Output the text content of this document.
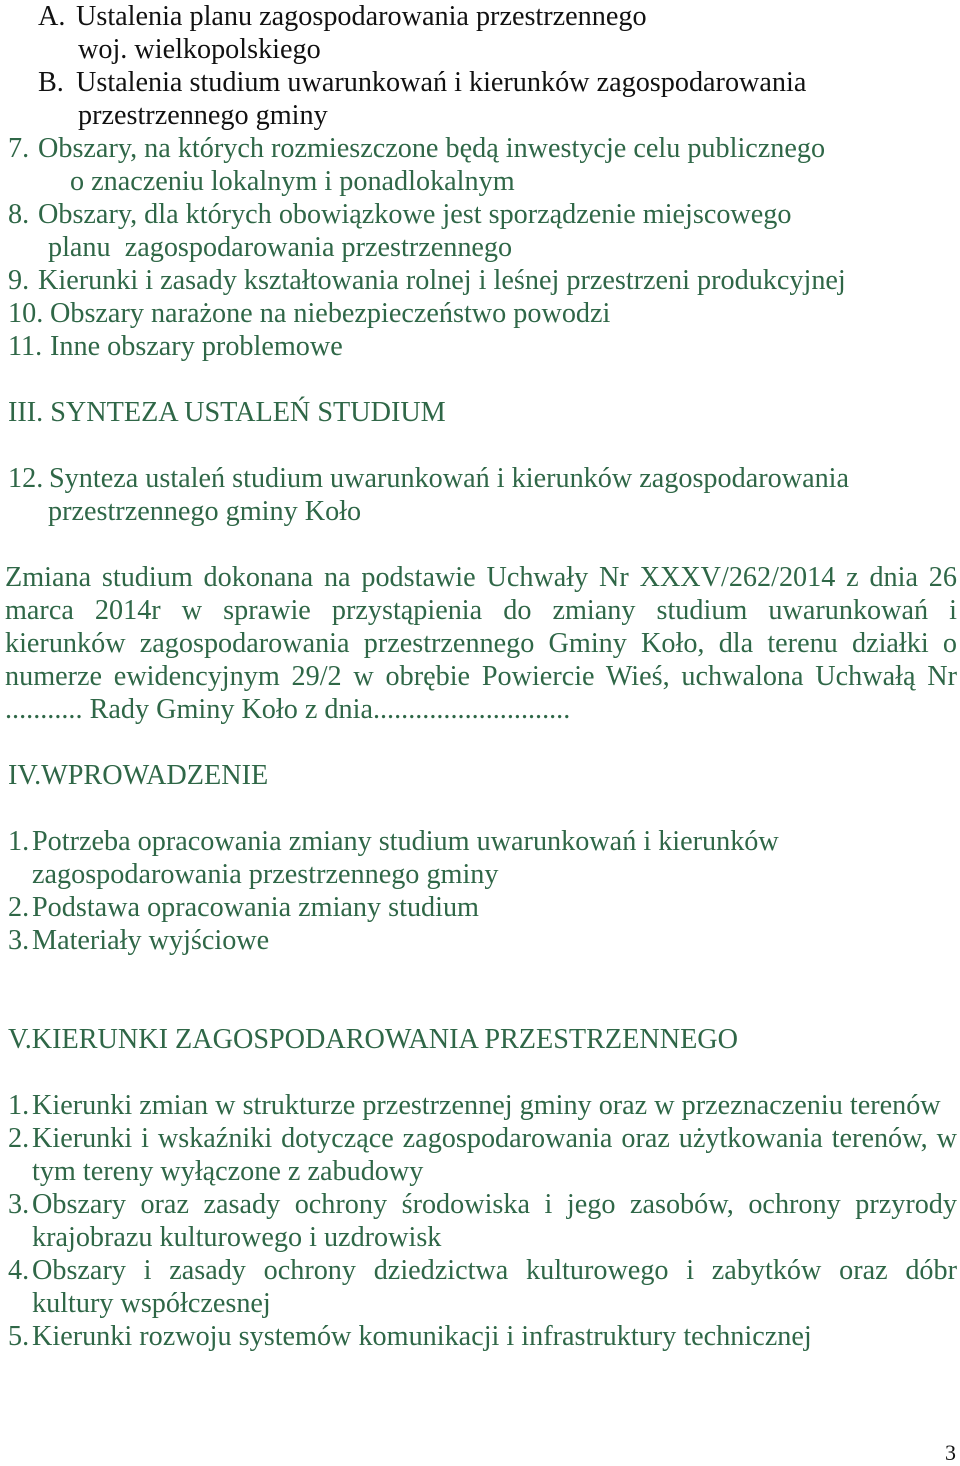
A. Ustalenia planu zagospodarowania przestrzennego
woj. wielkopolskiego
B. Ustalenia studium uwarunkowań i kierunków zagospodarowania
przestrzennego gminy
7. Obszary, na których rozmieszczone będą inwestycje celu publicznego
o znaczeniu lokalnym i ponadlokalnym
8. Obszary, dla których obowiązkowe jest sporządzenie miejscowego
planu  zagospodarowania przestrzennego
9. Kierunki i zasady kształtowania rolnej i leśnej przestrzeni produkcyjnej
10. Obszary narażone na niebezpieczeństwo powodzi
11. Inne obszary problemowe
III. SYNTEZA USTALEŃ STUDIUM
12. Synteza ustaleń studium uwarunkowań i kierunków zagospodarowania
przestrzennego gminy Koło
Zmiana studium dokonana na podstawie Uchwały Nr XXXV/262/2014 z dnia 26
marca 2014r w sprawie przystąpienia do zmiany studium uwarunkowań i
kierunków zagospodarowania przestrzennego Gminy Koło, dla terenu działki o
numerze ewidencyjnym 29/2 w obrębie Powiercie Wieś, uchwalona Uchwałą Nr
........... Rady Gminy Koło z dnia............................
IV.WPROWADZENIE
1. Potrzeba opracowania zmiany studium uwarunkowań i kierunków
zagospodarowania przestrzennego gminy
2. Podstawa opracowania zmiany studium
3. Materiały wyjściowe
V.KIERUNKI ZAGOSPODAROWANIA PRZESTRZENNEGO
1. Kierunki zmian w strukturze przestrzennej gminy oraz w przeznaczeniu terenów
2. Kierunki i wskaźniki dotyczące zagospodarowania oraz użytkowania terenów, w
tym tereny wyłączone z zabudowy
3. Obszary oraz zasady ochrony środowiska i jego zasobów, ochrony przyrody
krajobrazu kulturowego i uzdrowisk
4. Obszary i zasady ochrony dziedzictwa kulturowego i zabytków oraz dóbr
kultury współczesnej
5. Kierunki rozwoju systemów komunikacji i infrastruktury technicznej
3
